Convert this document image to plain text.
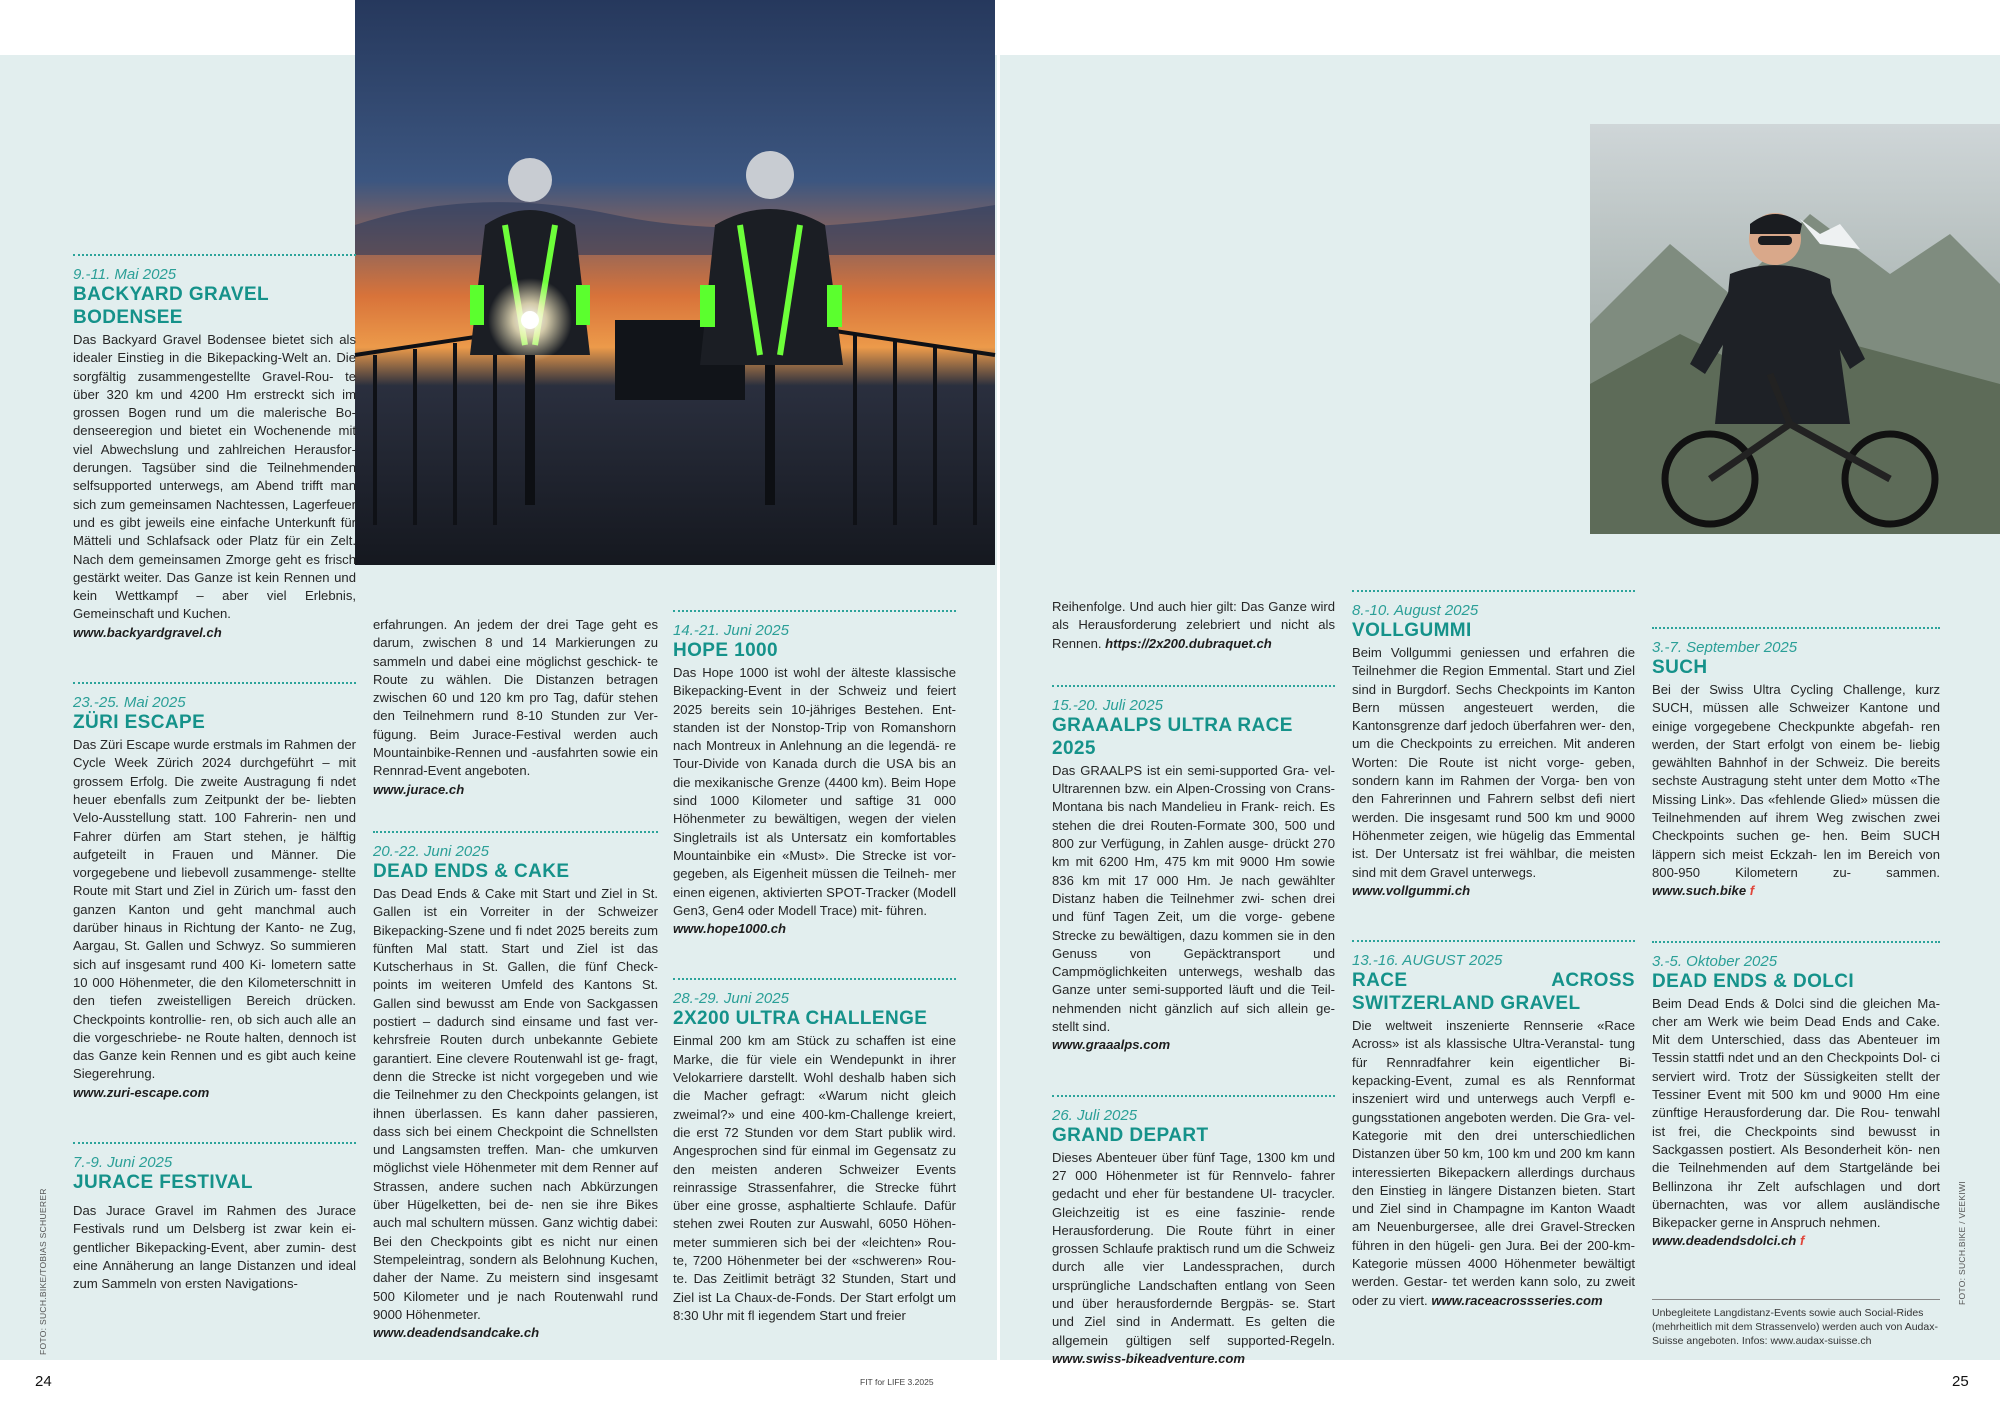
FOTO: SUCH.BIKE/TOBIAS SCHUERER
24	FIT for LIFE 3.2025
9.-11. Mai 2025
BACKYARD GRAVEL BODENSEE
Das Backyard Gravel Bodensee bietet sich als idealer Einstieg in die Bikepacking-Welt an. Die sorgfältig zusammengestellte Gravel-Rou- te über 320 km und 4200 Hm erstreckt sich im grossen Bogen rund um die malerische Bo- denseeregion und bietet ein Wochenende mit viel Abwechslung und zahlreichen Herausfor- derungen. Tagsüber sind die Teilnehmenden selfsupported unterwegs, am Abend trifft man sich zum gemeinsamen Nachtessen, Lagerfeuer und es gibt jeweils eine einfache Unterkunft für Mätteli und Schlafsack oder Platz für ein Zelt. Nach dem gemeinsamen Zmorge geht es frisch gestärkt weiter. Das Ganze ist kein Rennen und kein Wettkampf – aber viel Erlebnis, Gemeinschaft und Kuchen.
www.backyardgravel.ch
23.-25. Mai 2025
ZÜRI ESCAPE
Das Züri Escape wurde erstmals im Rahmen der Cycle Week Zürich 2024 durchgeführt – mit grossem Erfolg. Die zweite Austragung fi ndet heuer ebenfalls zum Zeitpunkt der be- liebten Velo-Ausstellung statt. 100 Fahrerin- nen und Fahrer dürfen am Start stehen, je hälftig aufgeteilt in Frauen und Männer. Die vorgegebene und liebevoll zusammenge- stellte Route mit Start und Ziel in Zürich um- fasst den ganzen Kanton und geht manchmal auch darüber hinaus in Richtung der Kanto- ne Zug, Aargau, St. Gallen und Schwyz. So summieren sich auf insgesamt rund 400 Ki- lometern satte 10 000 Höhenmeter, die den Kilometerschnitt in den tiefen zweistelligen Bereich drücken. Checkpoints kontrollie- ren, ob sich auch alle an die vorgeschriebe- ne Route halten, dennoch ist das Ganze kein Rennen und es gibt auch keine Siegerehrung.
www.zuri-escape.com
7.-9. Juni 2025
JURACE FESTIVAL
Das Jurace Gravel im Rahmen des Jurace Festivals rund um Delsberg ist zwar kein ei- gentlicher Bikepacking-Event, aber zumin- dest eine Annäherung an lange Distanzen und ideal zum Sammeln von ersten Navigations-
erfahrungen. An jedem der drei Tage geht es darum, zwischen 8 und 14 Markierungen zu sammeln und dabei eine möglichst geschick- te Route zu wählen. Die Distanzen betragen zwischen 60 und 120 km pro Tag, dafür stehen den Teilnehmern rund 8-10 Stunden zur Ver- fügung. Beim Jurace-Festival werden auch Mountainbike-Rennen und -ausfahrten sowie ein Rennrad-Event angeboten.
www.jurace.ch
20.-22. Juni 2025
DEAD ENDS & CAKE
Das Dead Ends & Cake mit Start und Ziel in St. Gallen ist ein Vorreiter in der Schweizer Bikepacking-Szene und fi ndet 2025 bereits zum fünften Mal statt. Start und Ziel ist das Kutscherhaus in St. Gallen, die fünf Check- points im weiteren Umfeld des Kantons St. Gallen sind bewusst am Ende von Sackgassen postiert – dadurch sind einsame und fast ver- kehrsfreie Routen durch unbekannte Gebiete garantiert. Eine clevere Routenwahl ist ge- fragt, denn die Strecke ist nicht vorgegeben und wie die Teilnehmer zu den Checkpoints gelangen, ist ihnen überlassen. Es kann daher passieren, dass sich bei einem Checkpoint die Schnellsten und Langsamsten treffen. Man- che umkurven möglichst viele Höhenmeter mit dem Renner auf Strassen, andere suchen nach Abkürzungen über Hügelketten, bei de- nen sie ihre Bikes auch mal schultern müssen. Ganz wichtig dabei: Bei den Checkpoints gibt es nicht nur einen Stempeleintrag, sondern als Belohnung Kuchen, daher der Name. Zu meistern sind insgesamt 500 Kilometer und je nach Routenwahl rund 9000 Höhenmeter.
www.deadendsandcake.ch
14.-21. Juni 2025
HOPE 1000
Das Hope 1000 ist wohl der älteste klassische Bikepacking-Event in der Schweiz und feiert 2025 bereits sein 10-jähriges Bestehen. Ent- standen ist der Nonstop-Trip von Romanshorn nach Montreux in Anlehnung an die legendä- re Tour-Divide von Kanada durch die USA bis an die mexikanische Grenze (4400 km). Beim Hope sind 1000 Kilometer und saftige 31 000 Höhenmeter zu bewältigen, wegen der vielen Singletrails ist als Untersatz ein komfortables Mountainbike ein «Must». Die Strecke ist vor- gegeben, als Eigenheit müssen die Teilneh- mer einen eigenen, aktivierten SPOT-Tracker (Modell Gen3, Gen4 oder Modell Trace) mit- führen.
www.hope1000.ch
28.-29. Juni 2025
2X200 ULTRA CHALLENGE
Einmal 200 km am Stück zu schaffen ist eine Marke, die für viele ein Wendepunkt in ihrer Velokarriere darstellt. Wohl deshalb haben sich die Macher gefragt: «Warum nicht gleich zweimal?» und eine 400-km-Challenge kreiert, die erst 72 Stunden vor dem Start publik wird. Angesprochen sind für einmal im Gegensatz zu den meisten anderen Schweizer Events reinrassige Strassenfahrer, die Strecke führt über eine grosse, asphaltierte Schlaufe. Dafür stehen zwei Routen zur Auswahl, 6050 Höhen- meter summieren sich bei der «leichten» Rou- te, 7200 Höhenmeter bei der «schweren» Rou- te. Das Zeitlimit beträgt 32 Stunden, Start und Ziel ist La Chaux-de-Fonds. Der Start erfolgt um 8:30 Uhr mit fl iegendem Start und freier
FOTO: SUCH.BIKE / VEEKIWI
25
Reihenfolge. Und auch hier gilt: Das Ganze wird als Herausforderung zelebriert und nicht als Rennen. https://2x200.dubraquet.ch
15.-20. Juli 2025
GRAAALPS ULTRA RACE 2025
Das GRAALPS ist ein semi-supported Gra- vel-Ultrarennen bzw. ein Alpen-Crossing von Crans-Montana bis nach Mandelieu in Frank- reich. Es stehen die drei Routen-Formate 300, 500 und 800 zur Verfügung, in Zahlen ausge- drückt 270 km mit 6200 Hm, 475 km mit 9000 Hm sowie 836 km mit 17 000 Hm. Je nach gewählter Distanz haben die Teilnehmer zwi- schen drei und fünf Tagen Zeit, um die vorge- gebene Strecke zu bewältigen, dazu kommen sie in den Genuss von Gepäcktransport und Campmöglichkeiten unterwegs, weshalb das Ganze unter semi-supported läuft und die Teil- nehmenden nicht gänzlich auf sich allein ge- stellt sind.
www.graaalps.com
26. Juli 2025
GRAND DEPART
Dieses Abenteuer über fünf Tage, 1300 km und 27 000 Höhenmeter ist für Rennvelo- fahrer gedacht und eher für bestandene Ul- tracycler. Gleichzeitig ist es eine faszinie- rende Herausforderung. Die Route führt in einer grossen Schlaufe praktisch rund um die Schweiz durch alle vier Landessprachen, durch ursprüngliche Landschaften entlang von Seen und über herausfordernde Bergpäs- se. Start und Ziel sind in Andermatt. Es gelten die allgemein gültigen self supported-Regeln. www.swiss-bikeadventure.com
8.-10. August 2025
VOLLGUMMI
Beim Vollgummi geniessen und erfahren die Teilnehmer die Region Emmental. Start und Ziel sind in Burgdorf. Sechs Checkpoints im Kanton Bern müssen angesteuert werden, die Kantonsgrenze darf jedoch überfahren wer- den, um die Checkpoints zu erreichen. Mit anderen Worten: Die Route ist nicht vorge- geben, sondern kann im Rahmen der Vorga- ben von den Fahrerinnen und Fahrern selbst defi niert werden. Die insgesamt rund 500 km und 9000 Höhenmeter zeigen, wie hügelig das Emmental ist. Der Untersatz ist frei wählbar, die meisten sind mit dem Gravel unterwegs.
www.vollgummi.ch
13.-16. AUGUST 2025
RACE ACROSS SWITZERLAND GRAVEL
Die weltweit inszenierte Rennserie «Race Across» ist als klassische Ultra-Veranstal- tung für Rennradfahrer kein eigentlicher Bi- kepacking-Event, zumal es als Rennformat inszeniert wird und unterwegs auch Verpfl e- gungsstationen angeboten werden. Die Gra- vel-Kategorie mit den drei unterschiedlichen Distanzen über 50 km, 100 km und 200 km kann interessierten Bikepackern allerdings durchaus den Einstieg in längere Distanzen bieten. Start und Ziel sind in Champagne im Kanton Waadt am Neuenburgersee, alle drei Gravel-Strecken führen in den hügeli- gen Jura. Bei der 200-km-Kategorie müssen 4000 Höhenmeter bewältigt werden. Gestar- tet werden kann solo, zu zweit oder zu viert. www.raceacrossseries.com
3.-7. September 2025
SUCH
Bei der Swiss Ultra Cycling Challenge, kurz SUCH, müssen alle Schweizer Kantone und einige vorgegebene Checkpunkte abgefah- ren werden, der Start erfolgt von einem be- liebig gewählten Bahnhof in der Schweiz. Die bereits sechste Austragung steht unter dem Motto «The Missing Link». Das «fehlende Glied» müssen die Teilnehmenden auf ihrem Weg zwischen zwei Checkpoints suchen ge- hen. Beim SUCH läppern sich meist Eckzah- len im Bereich von 800-950 Kilometern zu- sammen. www.such.bike f
3.-5. Oktober 2025
DEAD ENDS & DOLCI
Beim Dead Ends & Dolci sind die gleichen Ma- cher am Werk wie beim Dead Ends and Cake. Mit dem Unterschied, dass das Abenteuer im Tessin stattfi ndet und an den Checkpoints Dol- ci serviert wird. Trotz der Süssigkeiten stellt der Tessiner Event mit 500 km und 9000 Hm eine zünftige Herausforderung dar. Die Rou- tenwahl ist frei, die Checkpoints sind bewusst in Sackgassen postiert. Als Besonderheit kön- nen die Teilnehmenden auf dem Startgelände bei Bellinzona ihr Zelt aufschlagen und dort übernachten, was vor allem ausländische Bikepacker gerne in Anspruch nehmen.
www.deadendsdolci.ch f
Unbegleitete Langdistanz-Events sowie auch Social-Rides (mehrheitlich mit dem Strassenvelo) werden auch von Audax-Suisse angeboten. Infos: www.audax-suisse.ch
